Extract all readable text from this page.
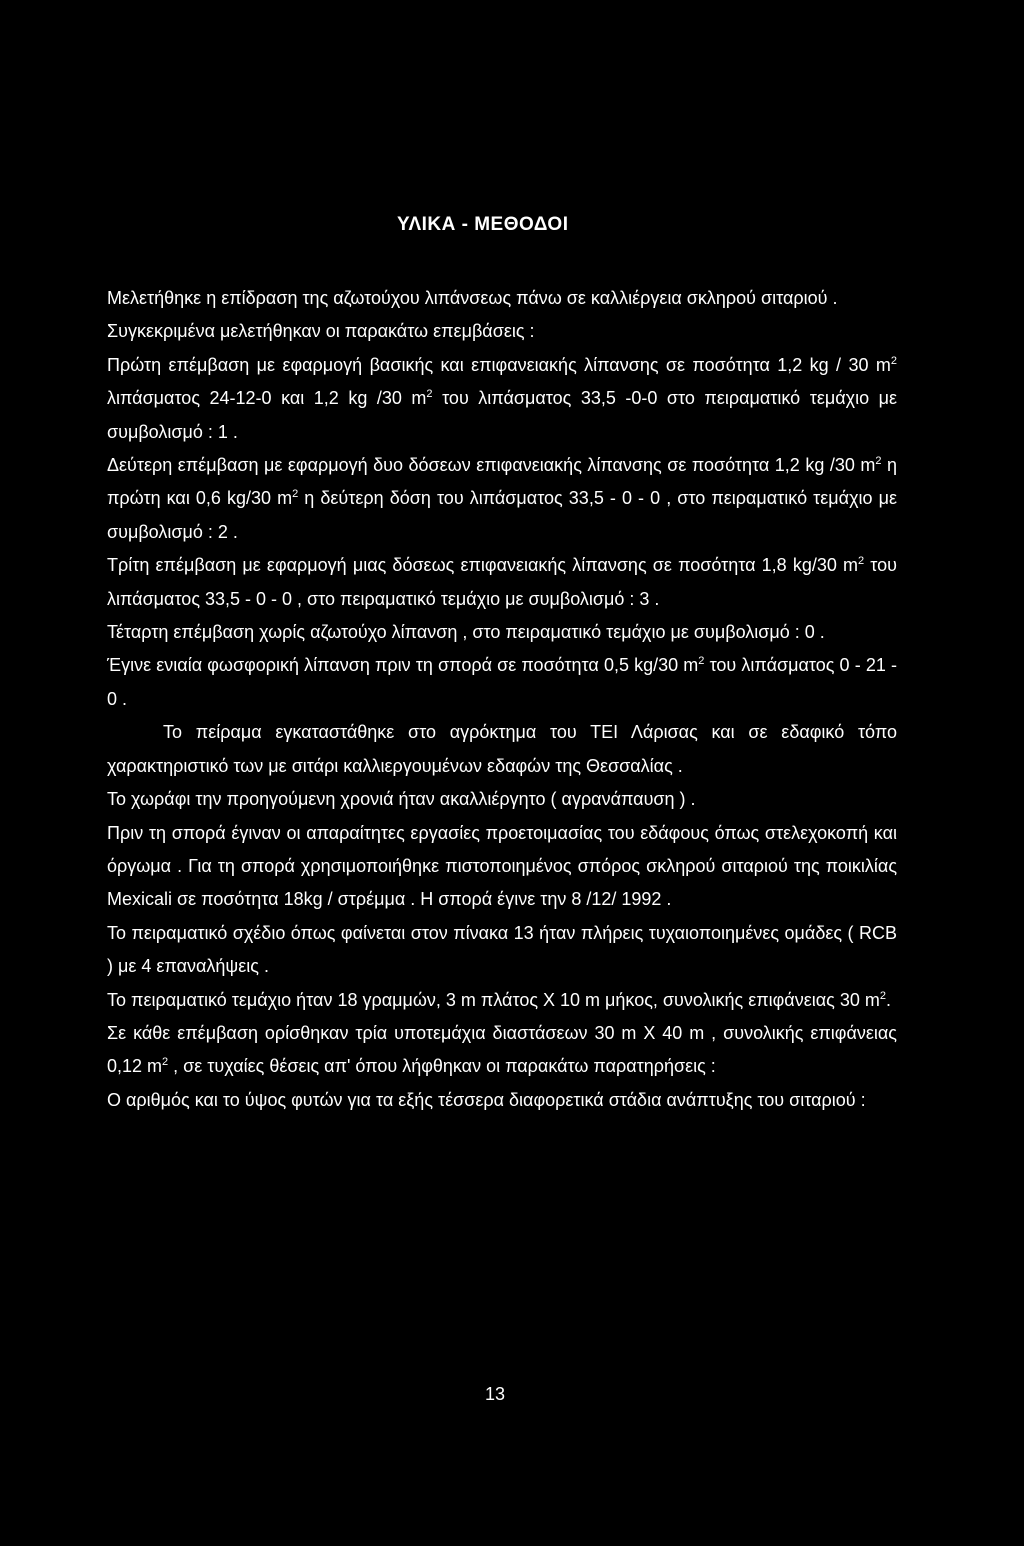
ΥΛΙΚΑ - ΜΕΘΟΔΟΙ

Μελετήθηκε η επίδραση της αζωτούχου λιπάνσεως πάνω σε καλλιέργεια σκληρού σιταριού .

Συγκεκριμένα μελετήθηκαν οι παρακάτω επεμβάσεις :

Πρώτη επέμβαση με εφαρμογή βασικής και επιφανειακής λίπανσης σε ποσότητα 1,2 kg / 30 $m^2$ λιπάσματος 24-12-0 και 1,2 kg /30 $m^2$ του λιπάσματος 33,5 -0-0 στο πειραματικό τεμάχιο με συμβολισμό : 1 .

Δεύτερη επέμβαση με εφαρμογή δυο δόσεων επιφανειακής λίπανσης σε ποσότητα 1,2 kg /30 $m^2$ η πρώτη και 0,6 kg/30 $m^2$ η δεύτερη δόση του λιπάσματος 33,5 - 0 - 0 , στο πειραματικό τεμάχιο με συμβολισμό : 2 .

Τρίτη επέμβαση με εφαρμογή μιας δόσεως επιφανειακής λίπανσης σε ποσότητα 1,8 kg/30 $m^2$ του λιπάσματος 33,5 - 0 - 0 , στο πειραματικό τεμάχιο με συμβολισμό : 3 .

Τέταρτη επέμβαση χωρίς αζωτούχο λίπανση , στο πειραματικό τεμάχιο με συμβολισμό : 0 .

Έγινε ενιαία φωσφορική λίπανση πριν τη σπορά σε ποσότητα 0,5 kg/30 $m^2$ του λιπάσματος 0 - 21 - 0 .

Το πείραμα εγκαταστάθηκε στο αγρόκτημα του ΤΕΙ Λάρισας και σε εδαφικό τόπο χαρακτηριστικό των με σιτάρι καλλιεργουμένων εδαφών της Θεσσαλίας .

Το χωράφι την προηγούμενη χρονιά ήταν ακαλλιέργητο ( αγρανάπαυση ) .

Πριν τη σπορά έγιναν οι απαραίτητες εργασίες προετοιμασίας του εδάφους όπως στελεχοκοπή και όργωμα . Για τη σπορά χρησιμοποιήθηκε πιστοποιημένος σπόρος σκληρού σιταριού της ποικιλίας Mexicali σε ποσότητα 18kg / στρέμμα . Η σπορά έγινε την 8 /12/ 1992 .

Το πειραματικό σχέδιο όπως φαίνεται στον πίνακα 13 ήταν πλήρεις τυχαιοποιημένες ομάδες ( RCB ) με 4 επαναλήψεις .

Το πειραματικό τεμάχιο ήταν 18 γραμμών, 3 m πλάτος X 10 m μήκος, συνολικής επιφάνειας 30 $m^2$.

Σε κάθε επέμβαση ορίσθηκαν τρία υποτεμάχια διαστάσεων 30 m X 40 m , συνολικής επιφάνειας 0,12 $m^2$ , σε τυχαίες θέσεις απ' όπου λήφθηκαν οι παρακάτω παρατηρήσεις :

Ο αριθμός και το ύψος φυτών για τα εξής τέσσερα διαφορετικά στάδια ανάπτυξης του σιταριού :

13
